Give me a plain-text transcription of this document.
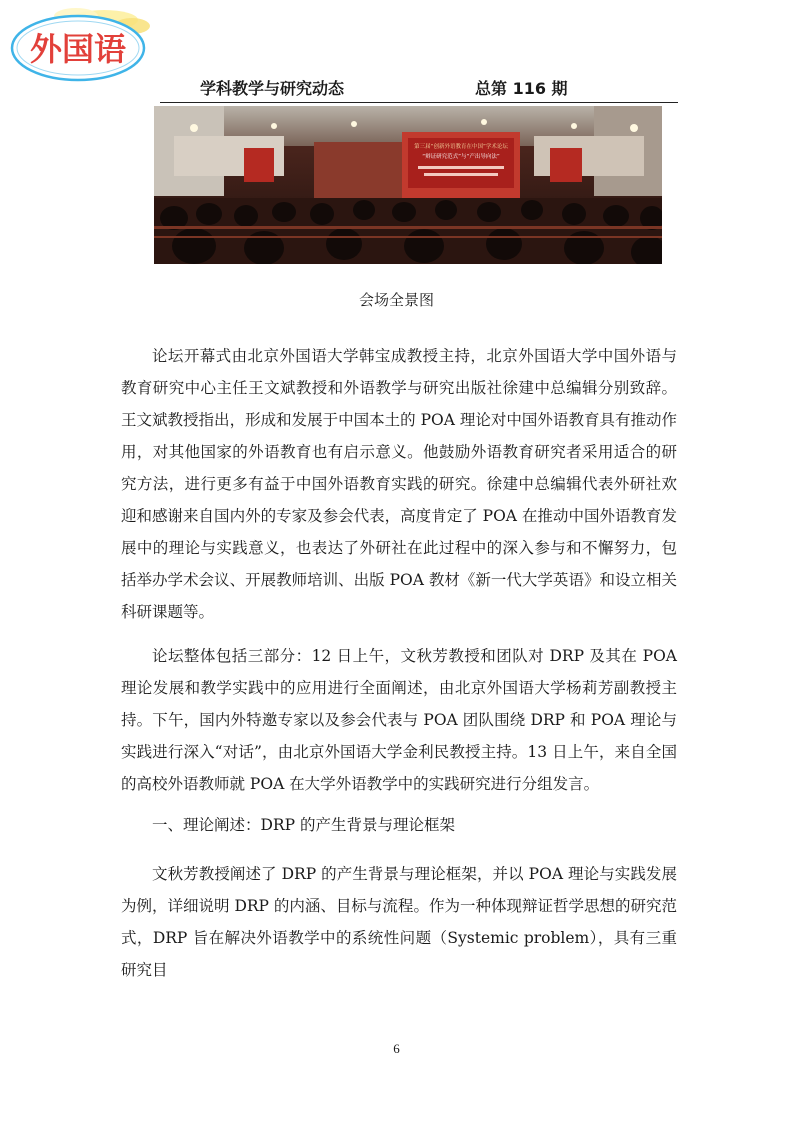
外国语
学科教学与研究动态	总第 116 期
第三届“创新外语教育在中国”学术论坛
“辩证研究范式”与“产出导向法”
会场全景图

论坛开幕式由北京外国语大学韩宝成教授主持，北京外国语大学中国外语与教育研究中心主任王文斌教授和外语教学与研究出版社徐建中总编辑分别致辞。王文斌教授指出，形成和发展于中国本土的 POA 理论对中国外语教育具有推动作用，对其他国家的外语教育也有启示意义。他鼓励外语教育研究者采用适合的研究方法，进行更多有益于中国外语教育实践的研究。徐建中总编辑代表外研社欢迎和感谢来自国内外的专家及参会代表，高度肯定了 POA 在推动中国外语教育发展中的理论与实践意义，也表达了外研社在此过程中的深入参与和不懈努力，包括举办学术会议、开展教师培训、出版 POA 教材《新一代大学英语》和设立相关科研课题等。

论坛整体包括三部分：12 日上午，文秋芳教授和团队对 DRP 及其在 POA 理论发展和教学实践中的应用进行全面阐述，由北京外国语大学杨莉芳副教授主持。下午，国内外特邀专家以及参会代表与 POA 团队围绕 DRP 和 POA 理论与实践进行深入“对话”，由北京外国语大学金利民教授主持。13 日上午，来自全国的高校外语教师就 POA 在大学外语教学中的实践研究进行分组发言。

一、理论阐述：DRP 的产生背景与理论框架

文秋芳教授阐述了 DRP 的产生背景与理论框架，并以 POA 理论与实践发展为例，详细说明 DRP 的内涵、目标与流程。作为一种体现辩证哲学思想的研究范式，DRP 旨在解决外语教学中的系统性问题（Systemic problem），具有三重研究目

6
